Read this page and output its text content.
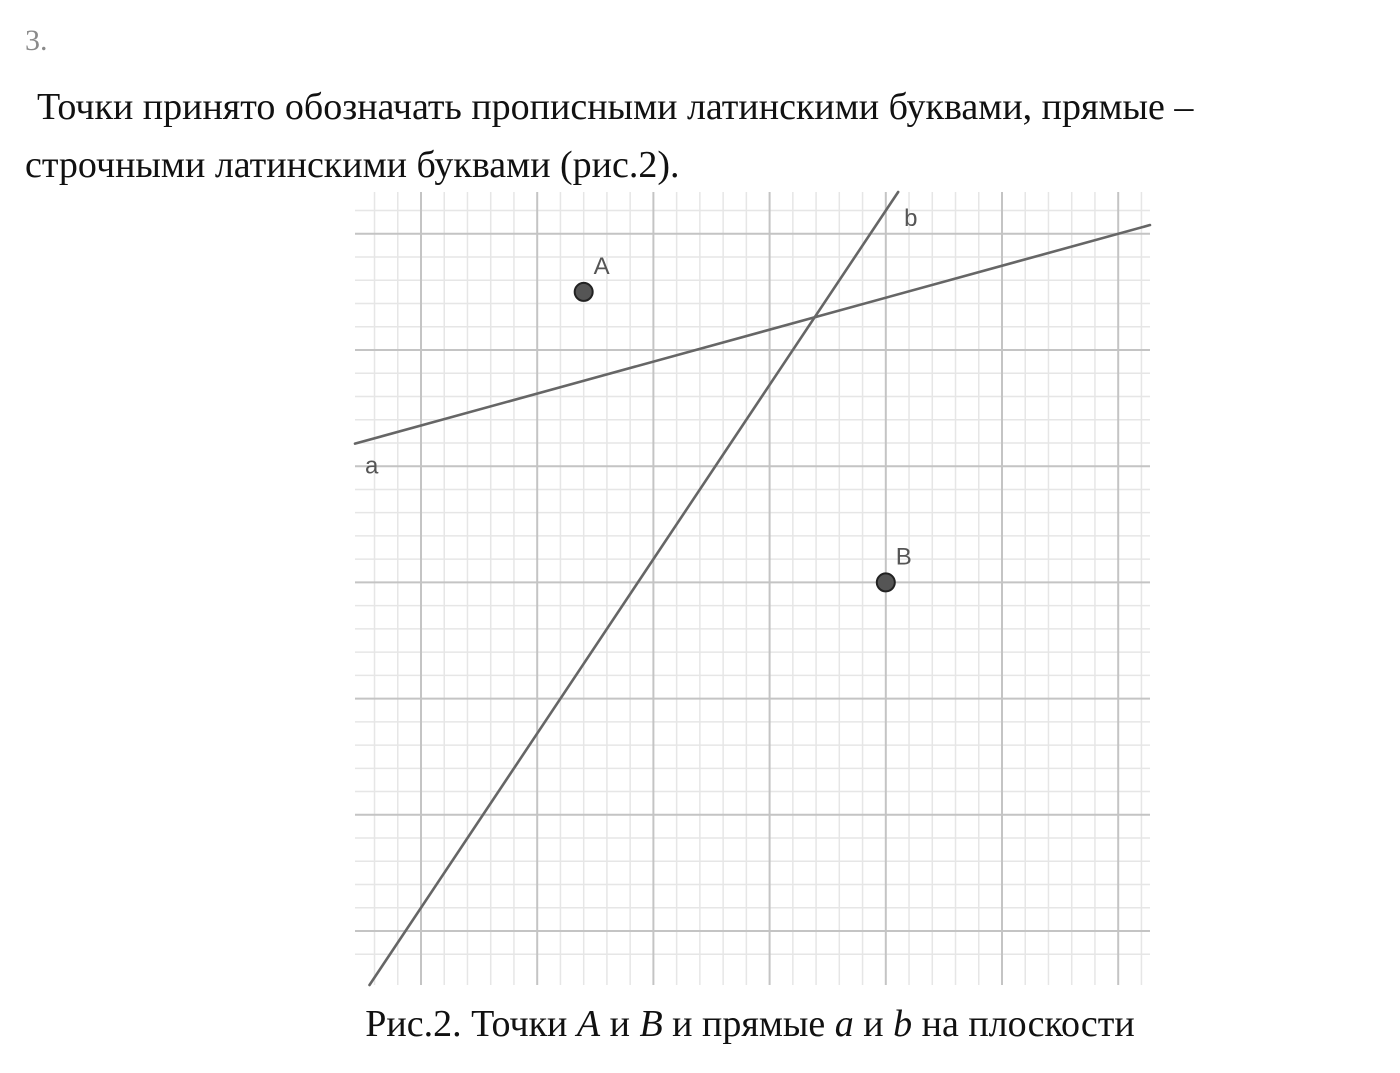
3.
Точки принято обозначать прописными латинскими буквами, прямые –
строчными латинскими буквами (рис.2).
a
b
A
B
Рис.2. Точки A и B и прямые a и b на плоскости
